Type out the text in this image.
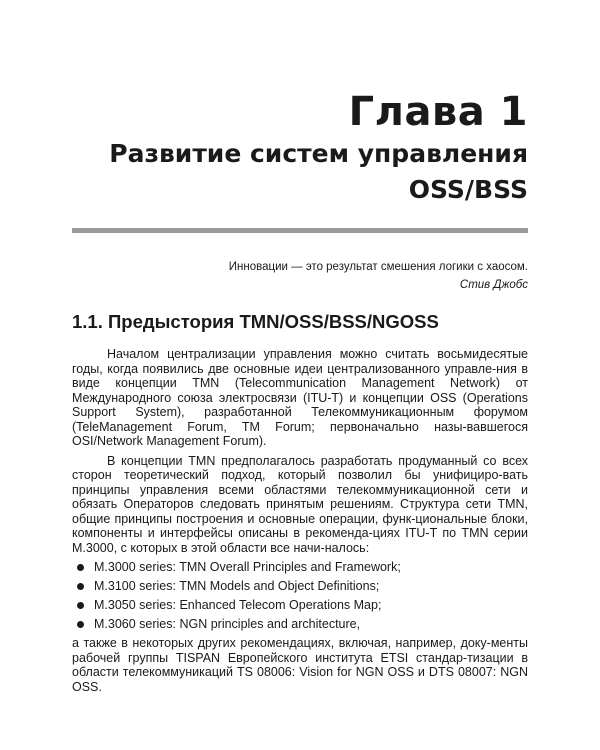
Глава 1
Развитие систем управления
OSS/BSS
Инновации — это результат смешения логики с хаосом.
Стив Джобс
1.1. Предыстория TMN/OSS/BSS/NGOSS

Началом централизации управления можно считать восьмидесятые годы, когда появились две основные идеи централизованного управле-ния в виде концепции TMN (Telecommunication Management Network) от Международного союза электросвязи (ITU-T) и концепции OSS (Operations Support System), разработанной Телекоммуникационным форумом (TeleManagement Forum, TM Forum; первоначально назы-вавшегося OSI/Network Management Forum).

В концепции TMN предполагалось разработать продуманный со всех сторон теоретический подход, который позволил бы унифициро-вать принципы управления всеми областями телекоммуникационной сети и обязать Операторов следовать принятым решениям. Структура сети TMN, общие принципы построения и основные операции, функ-циональные блоки, компоненты и интерфейсы описаны в рекоменда-циях ITU-T по TMN серии M.3000, с которых в этой области все начи-налось:

M.3000 series: TMN Overall Principles and Framework;
M.3100 series: TMN Models and Object Definitions;
M.3050 series: Enhanced Telecom Operations Map;
M.3060 series: NGN principles and architecture,

а также в некоторых других рекомендациях, включая, например, доку-менты рабочей группы TISPAN Европейского института ETSI стандар-тизации в области телекоммуникаций TS 08006: Vision for NGN OSS и DTS 08007: NGN OSS.
